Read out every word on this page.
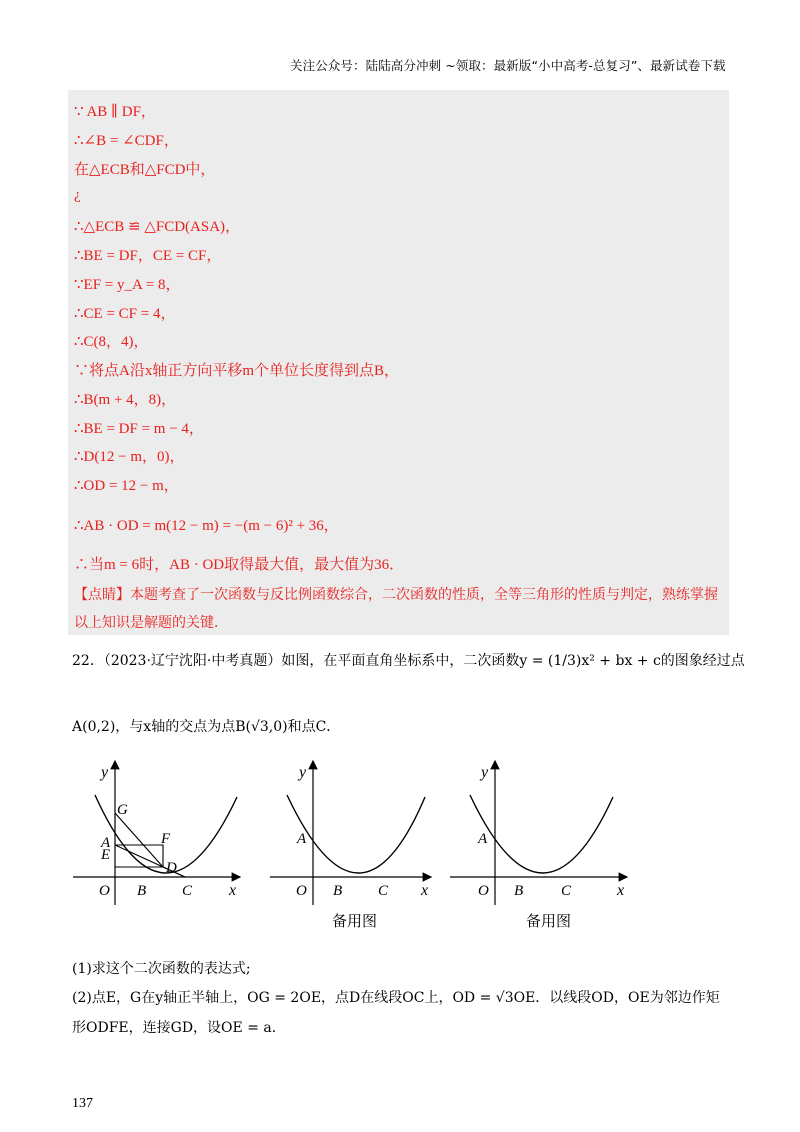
关注公众号：陆陆高分冲刺 ~领取：最新版“小中高考-总复习”、最新试卷下载
∵ AB ∥ DF，
∴∠B = ∠CDF，
在△ECB和△FCD中，
¿
∴△ECB ≌ △FCD(ASA)，
∴BE = DF，CE = CF，
∵EF = y_A = 8，
∴CE = CF = 4，
∴C(8，4)，
∵将点A沿x轴正方向平移m个单位长度得到点B，
∴B(m + 4，8)，
∴BE = DF = m − 4，
∴D(12 − m，0)，
∴OD = 12 − m，
∴AB · OD = m(12 − m) = −(m − 6)² + 36，
∴当m = 6时，AB · OD取得最大值，最大值为36．
【点睛】本题考查了一次函数与反比例函数综合，二次函数的性质，全等三角形的性质与判定，熟练掌握
以上知识是解题的关键．
22．（2023·辽宁沈阳·中考真题）如图，在平面直角坐标系中，二次函数y = (1/3)x² + bx + c的图象经过点
A(0,2)，与x轴的交点为点B(√3,0)和点C．
y
x
O
A
E
G
F
D
B C
y
x
O
A
B C
y
x
O
A
B	C
备用图	备用图
(1)求这个二次函数的表达式;
(2)点E，G在y轴正半轴上，OG = 2OE，点D在线段OC上，OD = √3OE．以线段OD，OE为邻边作矩
形ODFE，连接GD，设OE = a．
137
